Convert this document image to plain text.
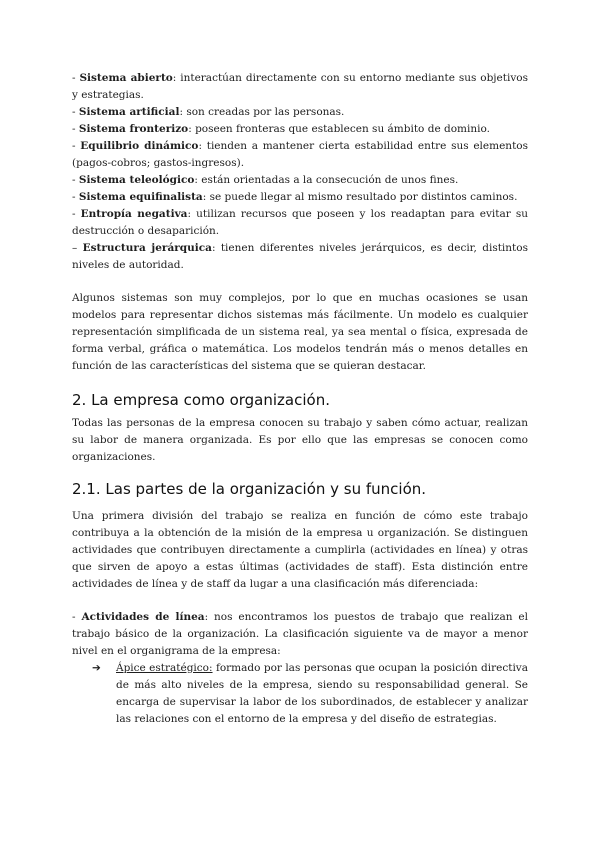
- Sistema abierto: interactúan directamente con su entorno mediante sus objetivos y estrategias.

- Sistema artificial: son creadas por las personas.

- Sistema fronterizo: poseen fronteras que establecen su ámbito de dominio.

- Equilibrio dinámico: tienden a mantener cierta estabilidad entre sus elementos (pagos-cobros; gastos-ingresos).

- Sistema teleológico: están orientadas a la consecución de unos fines.

- Sistema equifinalista: se puede llegar al mismo resultado por distintos caminos.

- Entropía negativa: utilizan recursos que poseen y los readaptan para evitar su destrucción o desaparición.

– Estructura jerárquica: tienen diferentes niveles jerárquicos, es decir, distintos niveles de autoridad.

Algunos sistemas son muy complejos, por lo que en muchas ocasiones se usan modelos para representar dichos sistemas más fácilmente. Un modelo es cualquier representación simplificada de un sistema real, ya sea mental o física, expresada de forma verbal, gráfica o matemática. Los modelos tendrán más o menos detalles en función de las características del sistema que se quieran destacar.

2. La empresa como organización.

Todas las personas de la empresa conocen su trabajo y saben cómo actuar, realizan su labor de manera organizada. Es por ello que las empresas se conocen como organizaciones.

2.1. Las partes de la organización y su función.

Una primera división del trabajo se realiza en función de cómo este trabajo contribuya a la obtención de la misión de la empresa u organización. Se distinguen actividades que contribuyen directamente a cumplirla (actividades en línea) y otras que sirven de apoyo a estas últimas (actividades de staff). Esta distinción entre actividades de línea y de staff da lugar a una clasificación más diferenciada:

- Actividades de línea: nos encontramos los puestos de trabajo que realizan el trabajo básico de la organización. La clasificación siguiente va de mayor a menor nivel en el organigrama de la empresa:

➔ Ápice estratégico: formado por las personas que ocupan la posición directiva de más alto niveles de la empresa, siendo su responsabilidad general. Se encarga de supervisar la labor de los subordinados, de establecer y analizar las relaciones con el entorno de la empresa y del diseño de estrategias.
